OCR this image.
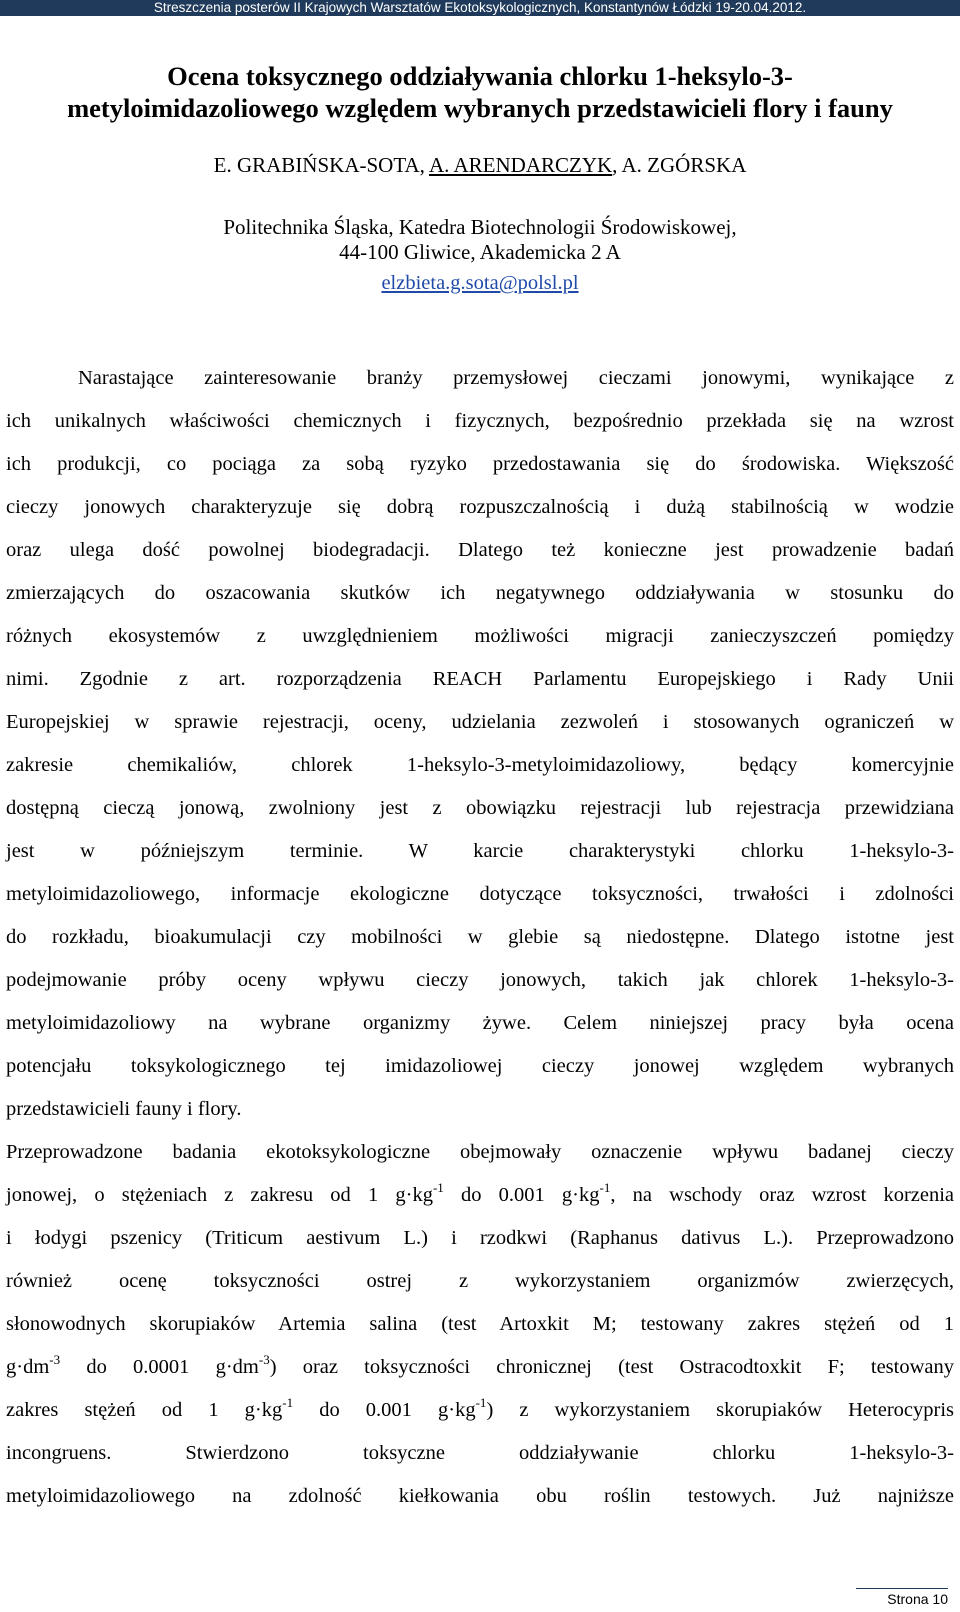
Streszczenia posterów II Krajowych Warsztatów Ekotoksykologicznych, Konstantynów Łódzki 19-20.04.2012.
Ocena toksycznego oddziaływania chlorku 1-heksylo-3-
metyloimidazoliowego względem wybranych przedstawicieli flory i fauny
E. GRABIŃSKA-SOTA, A. ARENDARCZYK, A. ZGÓRSKA
Politechnika Śląska, Katedra Biotechnologii Środowiskowej,
44-100 Gliwice, Akademicka 2 A
elzbieta.g.sota@polsl.pl
Narastające zainteresowanie branży przemysłowej cieczami jonowymi, wynikające z
ich unikalnych właściwości chemicznych i fizycznych, bezpośrednio przekłada się na wzrost
ich produkcji, co pociąga za sobą ryzyko przedostawania się do środowiska. Większość
cieczy jonowych charakteryzuje się dobrą rozpuszczalnością i dużą stabilnością w wodzie
oraz ulega dość powolnej biodegradacji. Dlatego też konieczne jest prowadzenie badań
zmierzających do oszacowania skutków ich negatywnego oddziaływania w stosunku do
różnych ekosystemów z uwzględnieniem możliwości migracji zanieczyszczeń pomiędzy
nimi. Zgodnie z art. rozporządzenia REACH Parlamentu Europejskiego i Rady Unii
Europejskiej w sprawie rejestracji, oceny, udzielania zezwoleń i stosowanych ograniczeń w
zakresie chemikaliów, chlorek 1-heksylo-3-metyloimidazoliowy, będący komercyjnie
dostępną cieczą jonową, zwolniony jest z obowiązku rejestracji lub rejestracja przewidziana
jest w późniejszym terminie. W karcie charakterystyki chlorku 1-heksylo-3-
metyloimidazoliowego, informacje ekologiczne dotyczące toksyczności, trwałości i zdolności
do rozkładu, bioakumulacji czy mobilności w glebie są niedostępne. Dlatego istotne jest
podejmowanie próby oceny wpływu cieczy jonowych, takich jak chlorek 1-heksylo-3-
metyloimidazoliowy na wybrane organizmy żywe. Celem niniejszej pracy była ocena
potencjału toksykologicznego tej imidazoliowej cieczy jonowej względem wybranych
przedstawicieli fauny i flory.
Przeprowadzone badania ekotoksykologiczne obejmowały oznaczenie wpływu badanej cieczy
jonowej, o stężeniach z zakresu od 1 $g\cdot kg^{-1}$ do 0.001 $g\cdot kg^{-1}$, na wschody oraz wzrost korzenia
i łodygi pszenicy (Triticum aestivum L.) i rzodkwi (Raphanus dativus L.). Przeprowadzono
również ocenę toksyczności ostrej z wykorzystaniem organizmów zwierzęcych,
słonowodnych skorupiaków Artemia salina (test Artoxkit M; testowany zakres stężeń od 1
$g\cdot dm^{-3}$ do 0.0001 $g\cdot dm^{-3}$) oraz toksyczności chronicznej (test Ostracodtoxkit F; testowany
zakres stężeń od 1 $g\cdot kg^{-1}$ do 0.001 $g\cdot kg^{-1}$) z wykorzystaniem skorupiaków Heterocypris
incongruens. Stwierdzono toksyczne oddziaływanie chlorku 1-heksylo-3-
metyloimidazoliowego na zdolność kiełkowania obu roślin testowych. Już najniższe
Strona 10
